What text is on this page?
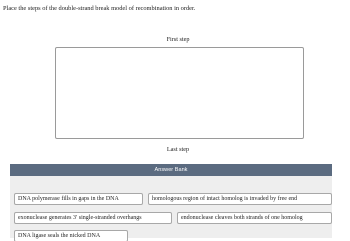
Place the steps of the double-strand break model of recombination in order.
First step
Last step
Answer Bank
DNA polymerase fills in gaps in the DNA	homologous region of intact homolog is invaded by free end
exonuclease generates 3′ single-stranded overhangs	endonuclease cleaves both strands of one homolog
DNA ligase seals the nicked DNA
